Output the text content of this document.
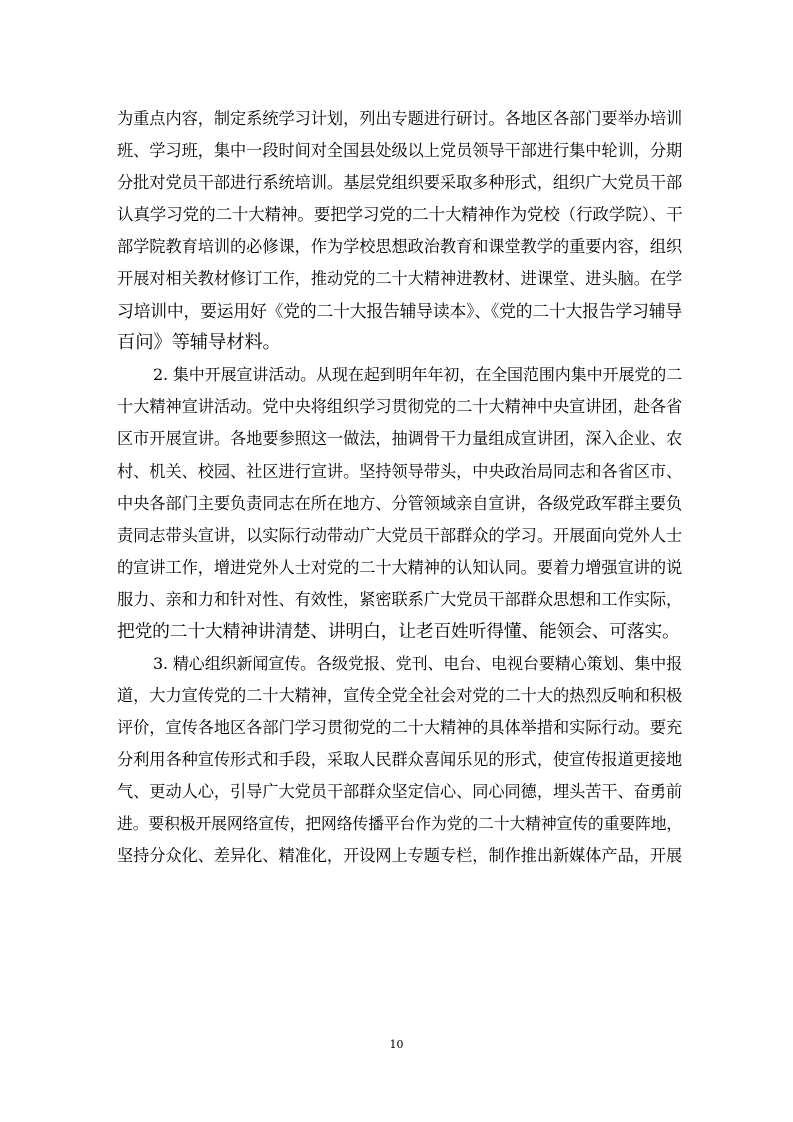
为重点内容，制定系统学习计划，列出专题进行研讨。各地区各部门要举办培训
班、学习班，集中一段时间对全国县处级以上党员领导干部进行集中轮训，分期
分批对党员干部进行系统培训。基层党组织要采取多种形式，组织广大党员干部
认真学习党的二十大精神。要把学习党的二十大精神作为党校（行政学院）、干
部学院教育培训的必修课，作为学校思想政治教育和课堂教学的重要内容，组织
开展对相关教材修订工作，推动党的二十大精神进教材、进课堂、进头脑。在学
习培训中，要运用好《党的二十大报告辅导读本》、《党的二十大报告学习辅导
百问》等辅导材料。
2. 集中开展宣讲活动。从现在起到明年年初，在全国范围内集中开展党的二
十大精神宣讲活动。党中央将组织学习贯彻党的二十大精神中央宣讲团，赴各省
区市开展宣讲。各地要参照这一做法，抽调骨干力量组成宣讲团，深入企业、农
村、机关、校园、社区进行宣讲。坚持领导带头，中央政治局同志和各省区市、
中央各部门主要负责同志在所在地方、分管领域亲自宣讲，各级党政军群主要负
责同志带头宣讲，以实际行动带动广大党员干部群众的学习。开展面向党外人士
的宣讲工作，增进党外人士对党的二十大精神的认知认同。要着力增强宣讲的说
服力、亲和力和针对性、有效性，紧密联系广大党员干部群众思想和工作实际，
把党的二十大精神讲清楚、讲明白，让老百姓听得懂、能领会、可落实。
3. 精心组织新闻宣传。各级党报、党刊、电台、电视台要精心策划、集中报
道，大力宣传党的二十大精神，宣传全党全社会对党的二十大的热烈反响和积极
评价，宣传各地区各部门学习贯彻党的二十大精神的具体举措和实际行动。要充
分利用各种宣传形式和手段，采取人民群众喜闻乐见的形式，使宣传报道更接地
气、更动人心，引导广大党员干部群众坚定信心、同心同德，埋头苦干、奋勇前
进。要积极开展网络宣传，把网络传播平台作为党的二十大精神宣传的重要阵地，
坚持分众化、差异化、精准化，开设网上专题专栏，制作推出新媒体产品，开展
10
